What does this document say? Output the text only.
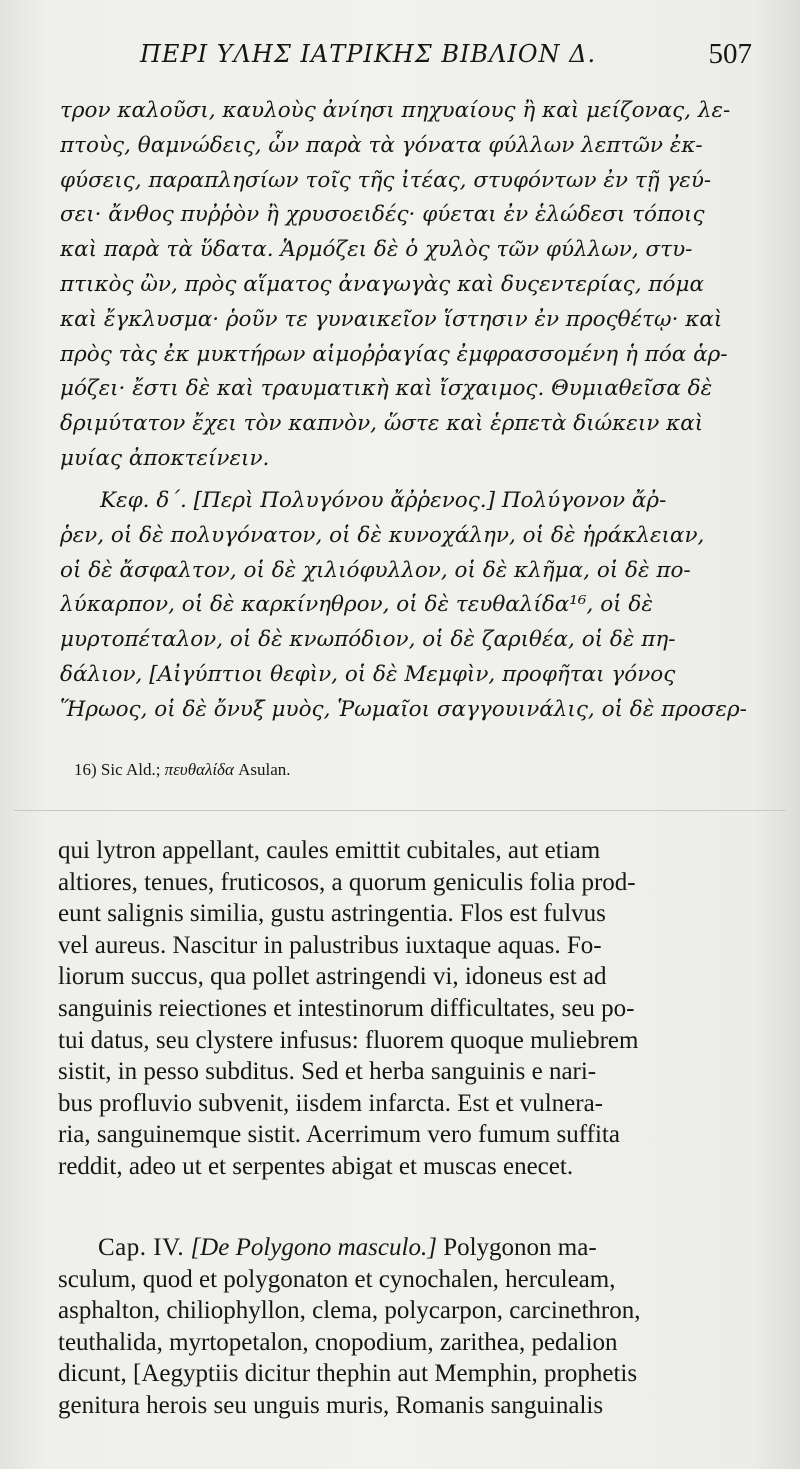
ΠΕΡΙ ΥΛΗΣ ΙΑΤΡΙΚΗΣ ΒΙΒΛΙΟΝ Δ.	507
τρον καλοῦσι, καυλοὺς ἀνίησι πηχυαίους ἢ καὶ μείζονας, λε-
πτοὺς, θαμνώδεις, ὧν παρὰ τὰ γόνατα φύλλων λεπτῶν ἐκ-
φύσεις, παραπλησίων τοῖς τῆς ἰτέας, στυφόντων ἐν τῇ γεύ-
σει· ἄνθος πυῤῥὸν ἢ χρυσοειδές· φύεται ἐν ἑλώδεσι τόποις
καὶ παρὰ τὰ ὕδατα. Ἁρμόζει δὲ ὁ χυλὸς τῶν φύλλων, στυ-
πτικὸς ὢν, πρὸς αἵματος ἀναγωγὰς καὶ δυςεντερίας, πόμα
καὶ ἔγκλυσμα· ῥοῦν τε γυναικεῖον ἵστησιν ἐν προςθέτῳ· καὶ
πρὸς τὰς ἐκ μυκτήρων αἱμοῤῥαγίας ἐμφρασσομένη ἡ πόα ἁρ-
μόζει· ἔστι δὲ καὶ τραυματικὴ καὶ ἴσχαιμος. Θυμιαθεῖσα δὲ
δριμύτατον ἔχει τὸν καπνὸν, ὥστε καὶ ἑρπετὰ διώκειν καὶ
μυίας ἀποκτείνειν.
Κεφ. δ΄. [Περὶ Πολυγόνου ἄῤῥενος.] Πολύγονον ἄῤ-
ῥεν, οἱ δὲ πολυγόνατον, οἱ δὲ κυνοχάλην, οἱ δὲ ἡράκλειαν,
οἱ δὲ ἄσφαλτον, οἱ δὲ χιλιόφυλλον, οἱ δὲ κλῆμα, οἱ δὲ πο-
λύκαρπον, οἱ δὲ καρκίνηθρον, οἱ δὲ τευθαλίδα¹⁶, οἱ δὲ
μυρτοπέταλον, οἱ δὲ κνωπόδιον, οἱ δὲ ζαριθέα, οἱ δὲ πη-
δάλιον, [Αἰγύπτιοι θεφὶν, οἱ δὲ Μεμφὶν, προφῆται γόνος
Ἥρωος, οἱ δὲ ὄνυξ μυὸς, Ῥωμαῖοι σαγγουινάλις, οἱ δὲ προσερ-
16) Sic Ald.; πευθαλίδα Asulan.
qui lytron appellant, caules emittit cubitales, aut etiam
altiores, tenues, fruticosos, a quorum geniculis folia prod-
eunt salignis similia, gustu astringentia. Flos est fulvus
vel aureus. Nascitur in palustribus iuxtaque aquas. Fo-
liorum succus, qua pollet astringendi vi, idoneus est ad
sanguinis reiectiones et intestinorum difficultates, seu po-
tui datus, seu clystere infusus: fluorem quoque muliebrem
sistit, in pesso subditus. Sed et herba sanguinis e nari-
bus profluvio subvenit, iisdem infarcta. Est et vulnera-
ria, sanguinemque sistit. Acerrimum vero fumum suffita
reddit, adeo ut et serpentes abigat et muscas enecet.
Cap. IV. [De Polygono masculo.] Polygonon ma-
sculum, quod et polygonaton et cynochalen, herculeam,
asphalton, chiliophyllon, clema, polycarpon, carcinethron,
teuthalida, myrtopetalon, cnopodium, zarithea, pedalion
dicunt, [Aegyptiis dicitur thephin aut Memphin, prophetis
genitura herois seu unguis muris, Romanis sanguinalis
